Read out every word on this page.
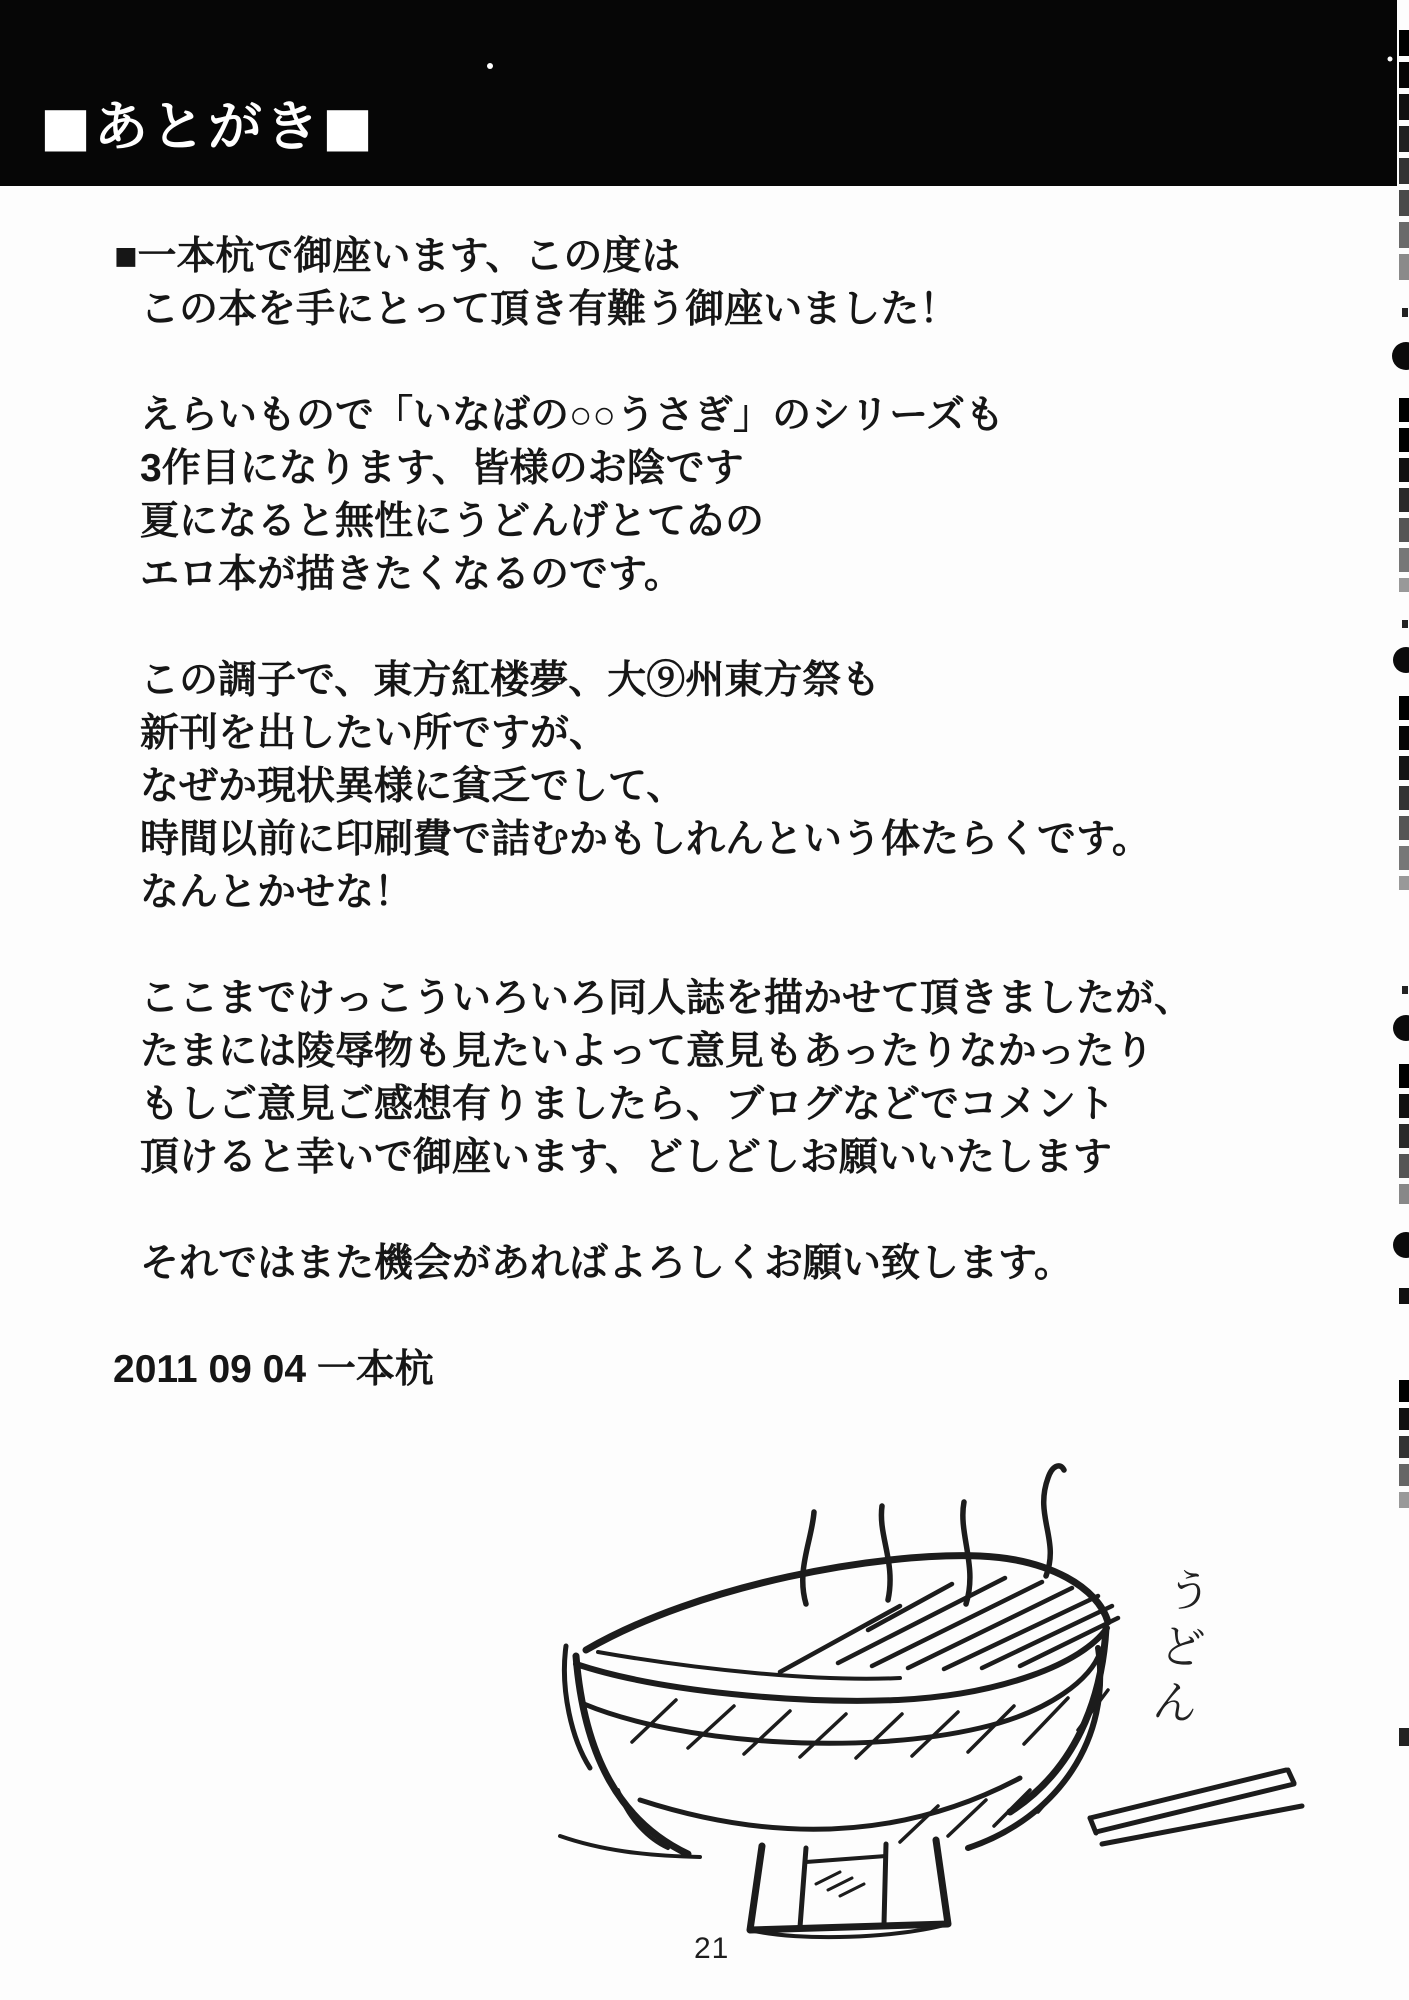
■あとがき■

■一本杭で御座います、この度は
この本を手にとって頂き有難う御座いました！

えらいもので「いなばの○○うさぎ」のシリーズも
3作目になります、皆様のお陰です
夏になると無性にうどんげとてゐの
エロ本が描きたくなるのです。

この調子で、東方紅楼夢、大⑨州東方祭も
新刊を出したい所ですが、
なぜか現状異様に貧乏でして、
時間以前に印刷費で詰むかもしれんという体たらくです。
なんとかせな！

ここまでけっこういろいろ同人誌を描かせて頂きましたが、
たまには陵辱物も見たいよって意見もあったりなかったり
もしご意見ご感想有りましたら、ブログなどでコメント
頂けると幸いで御座います、どしどしお願いいたします

それではまた機会があればよろしくお願い致します。

2011 09 04 一本杭
うどん
21
